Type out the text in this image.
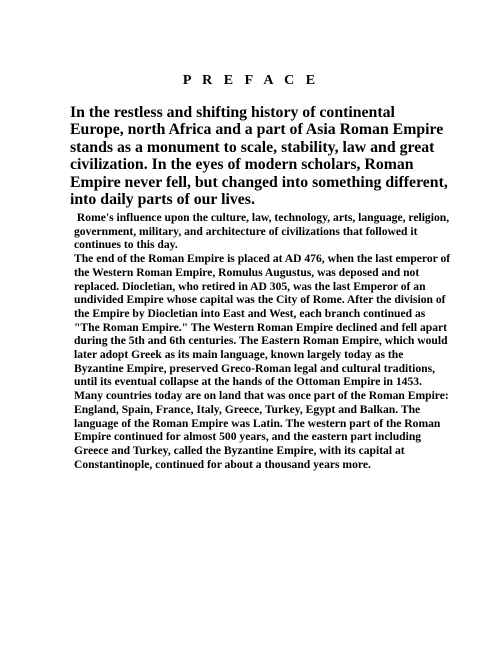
P R E F A C E

In the restless and shifting history of continental Europe, north Africa and a part of Asia Roman Empire stands as a monument to scale, stability, law and great civilization. In the eyes of modern scholars, Roman Empire never fell, but changed into something different, into daily parts of our lives.

Rome's influence upon the culture, law, technology, arts, language, religion, government, military, and architecture of civilizations that followed it continues to this day.

The end of the Roman Empire is placed at AD 476, when the last emperor of the Western Roman Empire, Romulus Augustus, was deposed and not replaced. Diocletian, who retired in AD 305, was the last Emperor of an undivided Empire whose capital was the City of Rome. After the division of the Empire by Diocletian into East and West, each branch continued as "The Roman Empire." The Western Roman Empire declined and fell apart during the 5th and 6th centuries. The Eastern Roman Empire, which would later adopt Greek as its main language, known largely today as the Byzantine Empire, preserved Greco-Roman legal and cultural traditions, until its eventual collapse at the hands of the Ottoman Empire in 1453.

Many countries today are on land that was once part of the Roman Empire: England, Spain, France, Italy, Greece, Turkey, Egypt and Balkan. The language of the Roman Empire was Latin. The western part of the Roman Empire continued for almost 500 years, and the eastern part including Greece and Turkey, called the Byzantine Empire, with its capital at Constantinople, continued for about a thousand years more.
